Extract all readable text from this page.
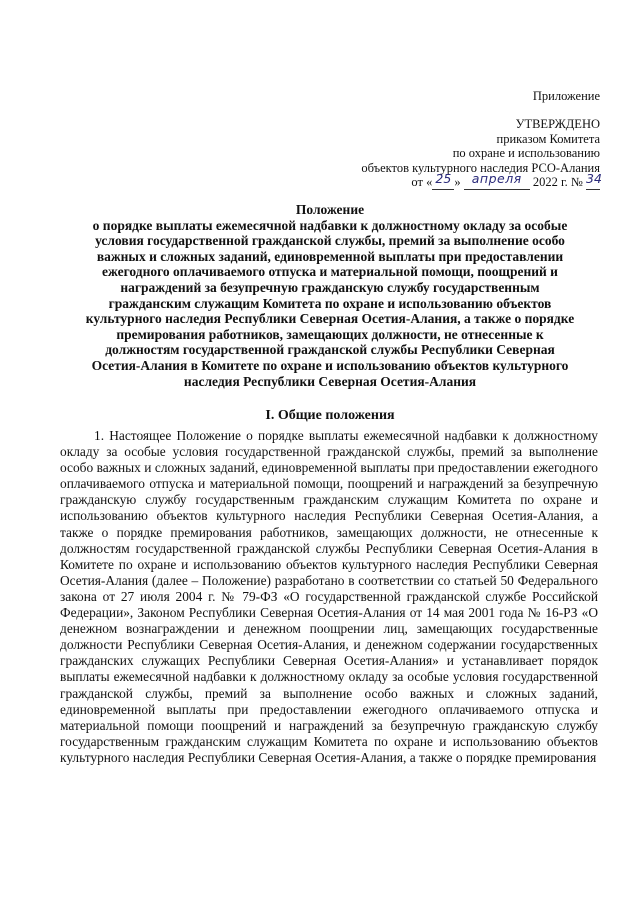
Приложение
УТВЕРЖДЕНО
приказом Комитета
по охране и использованию
объектов культурного наследия РСО-Алания
от « 25 » апреля 2022 г. № 34

Положение

о порядке выплаты ежемесячной надбавки к должностному окладу за особые

условия государственной гражданской службы, премий за выполнение особо

важных и сложных заданий, единовременной выплаты при предоставлении

ежегодного оплачиваемого отпуска и материальной помощи, поощрений и

награждений за безупречную гражданскую службу государственным

гражданским служащим Комитета по охране и использованию объектов

культурного наследия Республики Северная Осетия-Алания, а также о порядке

премирования работников, замещающих должности, не отнесенные к

должностям государственной гражданской службы Республики Северная

Осетия-Алания в Комитете по охране и использованию объектов культурного

наследия Республики Северная Осетия-Алания

I. Общие положения

1. Настоящее Положение о порядке выплаты ежемесячной надбавки к должностному окладу за особые условия государственной гражданской службы, премий за выполнение особо важных и сложных заданий, единовременной выплаты при предоставлении ежегодного оплачиваемого отпуска и материальной помощи, поощрений и награждений за безупречную гражданскую службу государственным гражданским служащим Комитета по охране и использованию объектов культурного наследия Республики Северная Осетия-Алания, а также о порядке премирования работников, замещающих должности, не отнесенные к должностям государственной гражданской службы Республики Северная Осетия-Алания в Комитете по охране и использованию объектов культурного наследия Республики Северная Осетия-Алания (далее – Положение) разработано в соответствии со статьей 50 Федерального закона от 27 июля 2004 г. № 79-ФЗ «О государственной гражданской службе Российской Федерации», Законом Республики Северная Осетия-Алания от 14 мая 2001 года № 16-РЗ «О денежном вознаграждении и денежном поощрении лиц, замещающих государственные должности Республики Северная Осетия-Алания, и денежном содержании государственных гражданских служащих Республики Северная Осетия-Алания» и устанавливает порядок выплаты ежемесячной надбавки к должностному окладу за особые условия государственной гражданской службы, премий за выполнение особо важных и сложных заданий, единовременной выплаты при предоставлении ежегодного оплачиваемого отпуска и материальной помощи поощрений и награждений за безупречную гражданскую службу государственным гражданским служащим Комитета по охране и использованию объектов культурного наследия Республики Северная Осетия-Алания, а также о порядке премирования
